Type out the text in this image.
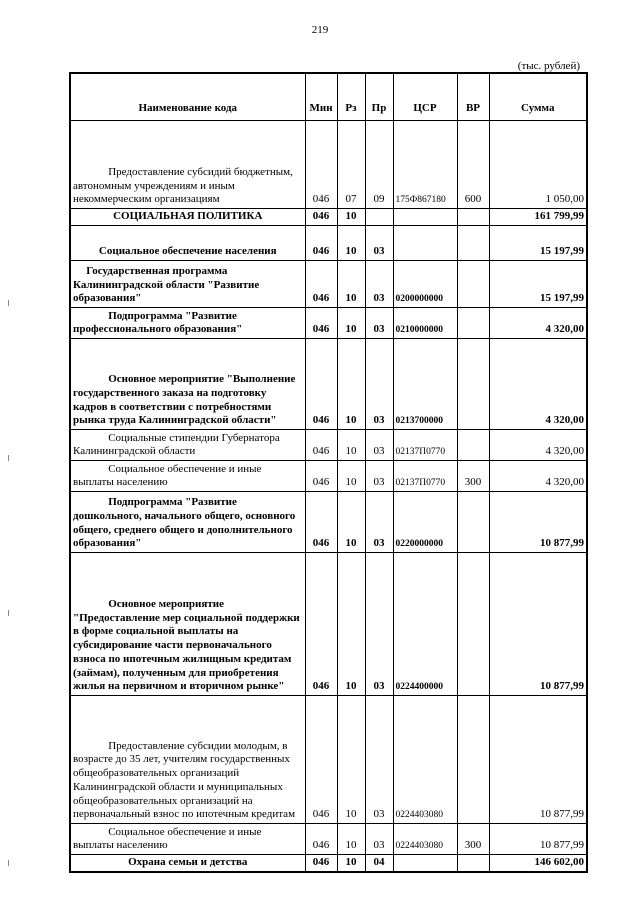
219
(тыс. рублей)
Наименование кода	Мин	Рз	Пр	ЦСР	ВР	Сумма

Предоставление субсидий бюджетным, автономным учреждениям и иным некоммерческим организациям	046	07	09	175Ф867180	600	1 050,00
СОЦИАЛЬНАЯ ПОЛИТИКА	046	10				161 799,99
Социальное обеспечение населения	046	10	03			15 197,99

Государственная программа Калининградской области "Развитие образования"	046	10	03	0200000000		15 197,99

Подпрограмма "Развитие профессионального образования"	046	10	03	0210000000		4 320,00

Основное мероприятие "Выполнение государственного заказа на подготовку кадров в соответствии с потребностями рынка труда Калининградской области"	046	10	03	0213700000		4 320,00

Социальные стипендии Губернатора Калининградской области	046	10	03	02137П0770		4 320,00

Социальное обеспечение и иные выплаты населению	046	10	03	02137П0770	300	4 320,00

Подпрограмма "Развитие дошкольного, начального общего, основного общего, среднего общего и дополнительного образования"	046	10	03	0220000000		10 877,99

Основное мероприятие "Предоставление мер социальной поддержки в форме социальной выплаты на субсидирование части первоначального взноса по ипотечным жилищным кредитам (займам), полученным для приобретения жилья на первичном и вторичном рынке"	046	10	03	0224400000		10 877,99

Предоставление субсидии молодым, в возрасте до 35 лет, учителям государственных общеобразовательных организаций Калининградской области и муниципальных общеобразовательных организаций на первоначальный взнос по ипотечным кредитам	046	10	03	0224403080		10 877,99

Социальное обеспечение и иные выплаты населению	046	10	03	0224403080	300	10 877,99
Охрана семьи и детства	046	10	04			146 602,00
